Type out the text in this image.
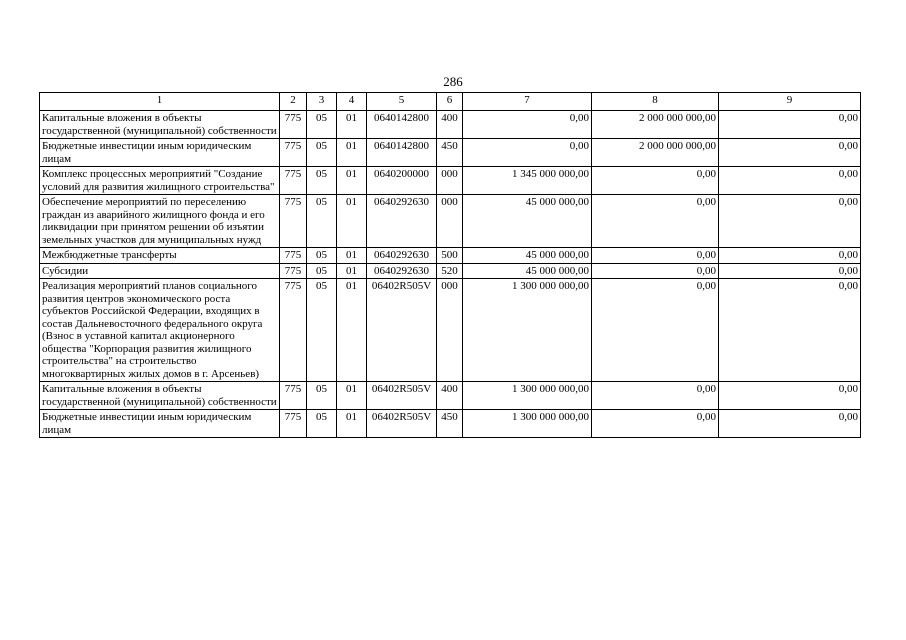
286
1	2	3	4	5	6	7	8	9
Капитальные вложения в объекты государственной (муниципальной) собственности	775	05	01	0640142800	400	0,00	2 000 000 000,00	0,00
Бюджетные инвестиции иным юридическим лицам	775	05	01	0640142800	450	0,00	2 000 000 000,00	0,00
Комплекс процессных мероприятий "Создание условий для развития жилищного строительства"	775	05	01	0640200000	000	1 345 000 000,00	0,00	0,00
Обеспечение мероприятий по переселению граждан из аварийного жилищного фонда и его ликвидации при принятом решении об изъятии земельных участков для муниципальных нужд	775	05	01	0640292630	000	45 000 000,00	0,00	0,00
Межбюджетные трансферты	775	05	01	0640292630	500	45 000 000,00	0,00	0,00
Субсидии	775	05	01	0640292630	520	45 000 000,00	0,00	0,00
Реализация мероприятий планов социального развития центров экономического роста субъектов Российской Федерации, входящих в состав Дальневосточного федерального округа (Взнос в уставной капитал акционерного общества "Корпорация развития жилищного строительства" на строительство многоквартирных жилых домов в г. Арсеньев)	775	05	01	06402R505V	000	1 300 000 000,00	0,00	0,00
Капитальные вложения в объекты государственной (муниципальной) собственности	775	05	01	06402R505V	400	1 300 000 000,00	0,00	0,00
Бюджетные инвестиции иным юридическим лицам	775	05	01	06402R505V	450	1 300 000 000,00	0,00	0,00
